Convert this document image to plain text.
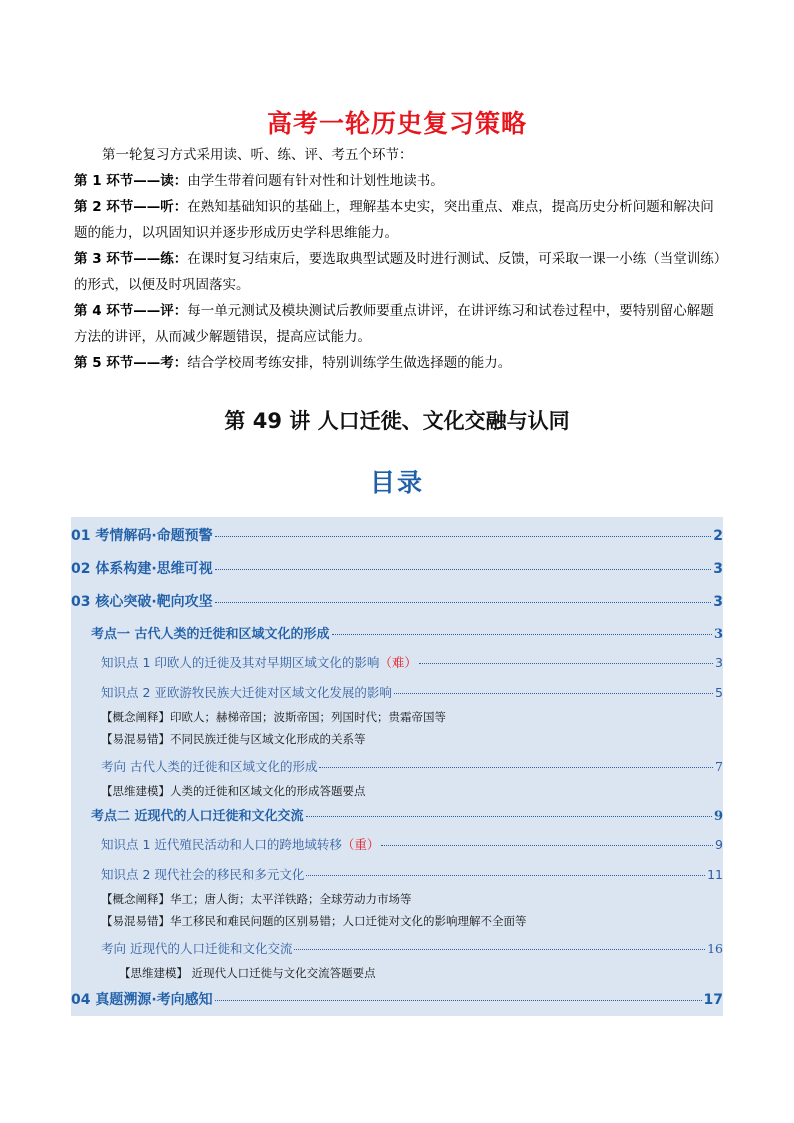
高考一轮历史复习策略

第一轮复习方式采用读、听、练、评、考五个环节：

第 1 环节——读：由学生带着问题有针对性和计划性地读书。

第 2 环节——听：在熟知基础知识的基础上，理解基本史实，突出重点、难点，提高历史分析问题和解决问题的能力，以巩固知识并逐步形成历史学科思维能力。

第 3 环节——练：在课时复习结束后，要选取典型试题及时进行测试、反馈，可采取一课一小练（当堂训练）的形式，以便及时巩固落实。

第 4 环节——评：每一单元测试及模块测试后教师要重点讲评，在讲评练习和试卷过程中，要特别留心解题方法的讲评，从而减少解题错误，提高应试能力。

第 5 环节——考：结合学校周考练安排，特别训练学生做选择题的能力。

第 49 讲 人口迁徙、文化交融与认同
目录
01 考情解码·命题预警	2
02 体系构建·思维可视	3
03 核心突破·靶向攻坚	3
考点一 古代人类的迁徙和区域文化的形成	3
知识点 1 印欧人的迁徙及其对早期区域文化的影响 （难）	3
知识点 2 亚欧游牧民族大迁徙对区域文化发展的影响	5
【概念阐释】印欧人；赫梯帝国；波斯帝国；列国时代；贵霜帝国等
【易混易错】不同民族迁徙与区域文化形成的关系等
考向 古代人类的迁徙和区域文化的形成	7
【思维建模】人类的迁徙和区域文化的形成答题要点
考点二 近现代的人口迁徙和文化交流	9
知识点 1 近代殖民活动和人口的跨地域转移 （重）	9
知识点 2 现代社会的移民和多元文化	11
【概念阐释】华工；唐人街；太平洋铁路；全球劳动力市场等
【易混易错】华工移民和难民问题的区别易错；人口迁徙对文化的影响理解不全面等
考向 近现代的人口迁徙和文化交流	16
【思维建模】 近现代人口迁徙与文化交流答题要点
04 真题溯源·考向感知	17
